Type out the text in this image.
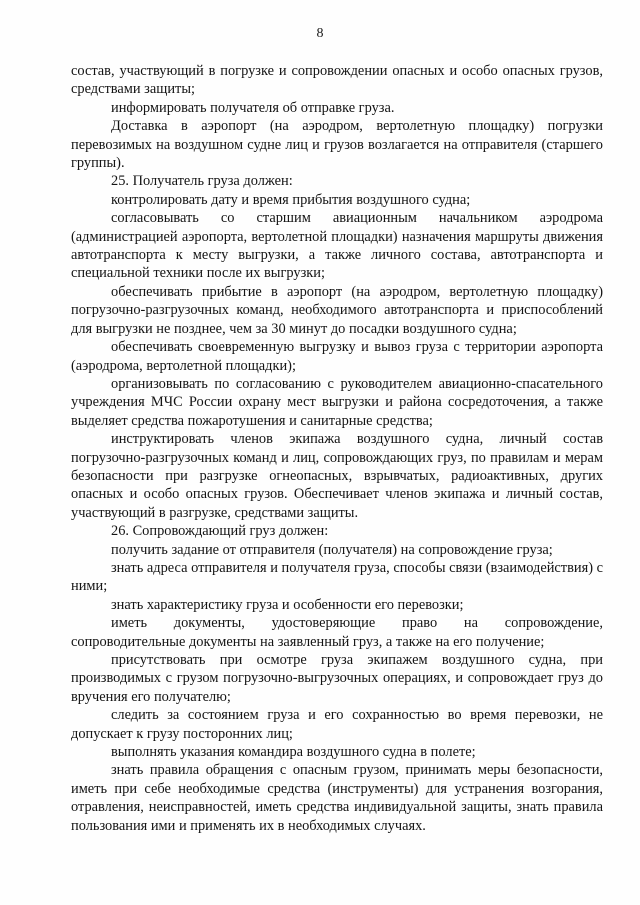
8

состав, участвующий в погрузке и сопровождении опасных и особо опасных грузов, средствами защиты;

информировать получателя об отправке груза.

Доставка в аэропорт (на аэродром, вертолетную площадку) погрузки перевозимых на воздушном судне лиц и грузов возлагается на отправителя (старшего группы).

25. Получатель груза должен:

контролировать дату и время прибытия воздушного судна;

согласовывать со старшим авиационным начальником аэродрома (администрацией аэропорта, вертолетной площадки) назначения маршруты движения автотранспорта к месту выгрузки, а также личного состава, автотранспорта и специальной техники после их выгрузки;

обеспечивать прибытие в аэропорт (на аэродром, вертолетную площадку) погрузочно-разгрузочных команд, необходимого автотранспорта и приспособлений для выгрузки не позднее, чем за 30 минут до посадки воздушного судна;

обеспечивать своевременную выгрузку и вывоз груза с территории аэропорта (аэродрома, вертолетной площадки);

организовывать по согласованию с руководителем авиационно-спасательного учреждения МЧС России охрану мест выгрузки и района сосредоточения, а также выделяет средства пожаротушения и санитарные средства;

инструктировать членов экипажа воздушного судна, личный состав погрузочно-разгрузочных команд и лиц, сопровождающих груз, по правилам и мерам безопасности при разгрузке огнеопасных, взрывчатых, радиоактивных, других опасных и особо опасных грузов. Обеспечивает членов экипажа и личный состав, участвующий в разгрузке, средствами защиты.

26. Сопровождающий груз должен:

получить задание от отправителя (получателя) на сопровождение груза;

знать адреса отправителя и получателя груза, способы связи (взаимодействия) с ними;

знать характеристику груза и особенности его перевозки;

иметь документы, удостоверяющие право на сопровождение, сопроводительные документы на заявленный груз, а также на его получение;

присутствовать при осмотре груза экипажем воздушного судна, при производимых с грузом погрузочно-выгрузочных операциях, и сопровождает груз до вручения его получателю;

следить за состоянием груза и его сохранностью во время перевозки, не допускает к грузу посторонних лиц;

выполнять указания командира воздушного судна в полете;

знать правила обращения с опасным грузом, принимать меры безопасности, иметь при себе необходимые средства (инструменты) для устранения возгорания, отравления, неисправностей, иметь средства индивидуальной защиты, знать правила пользования ими и применять их в необходимых случаях.
